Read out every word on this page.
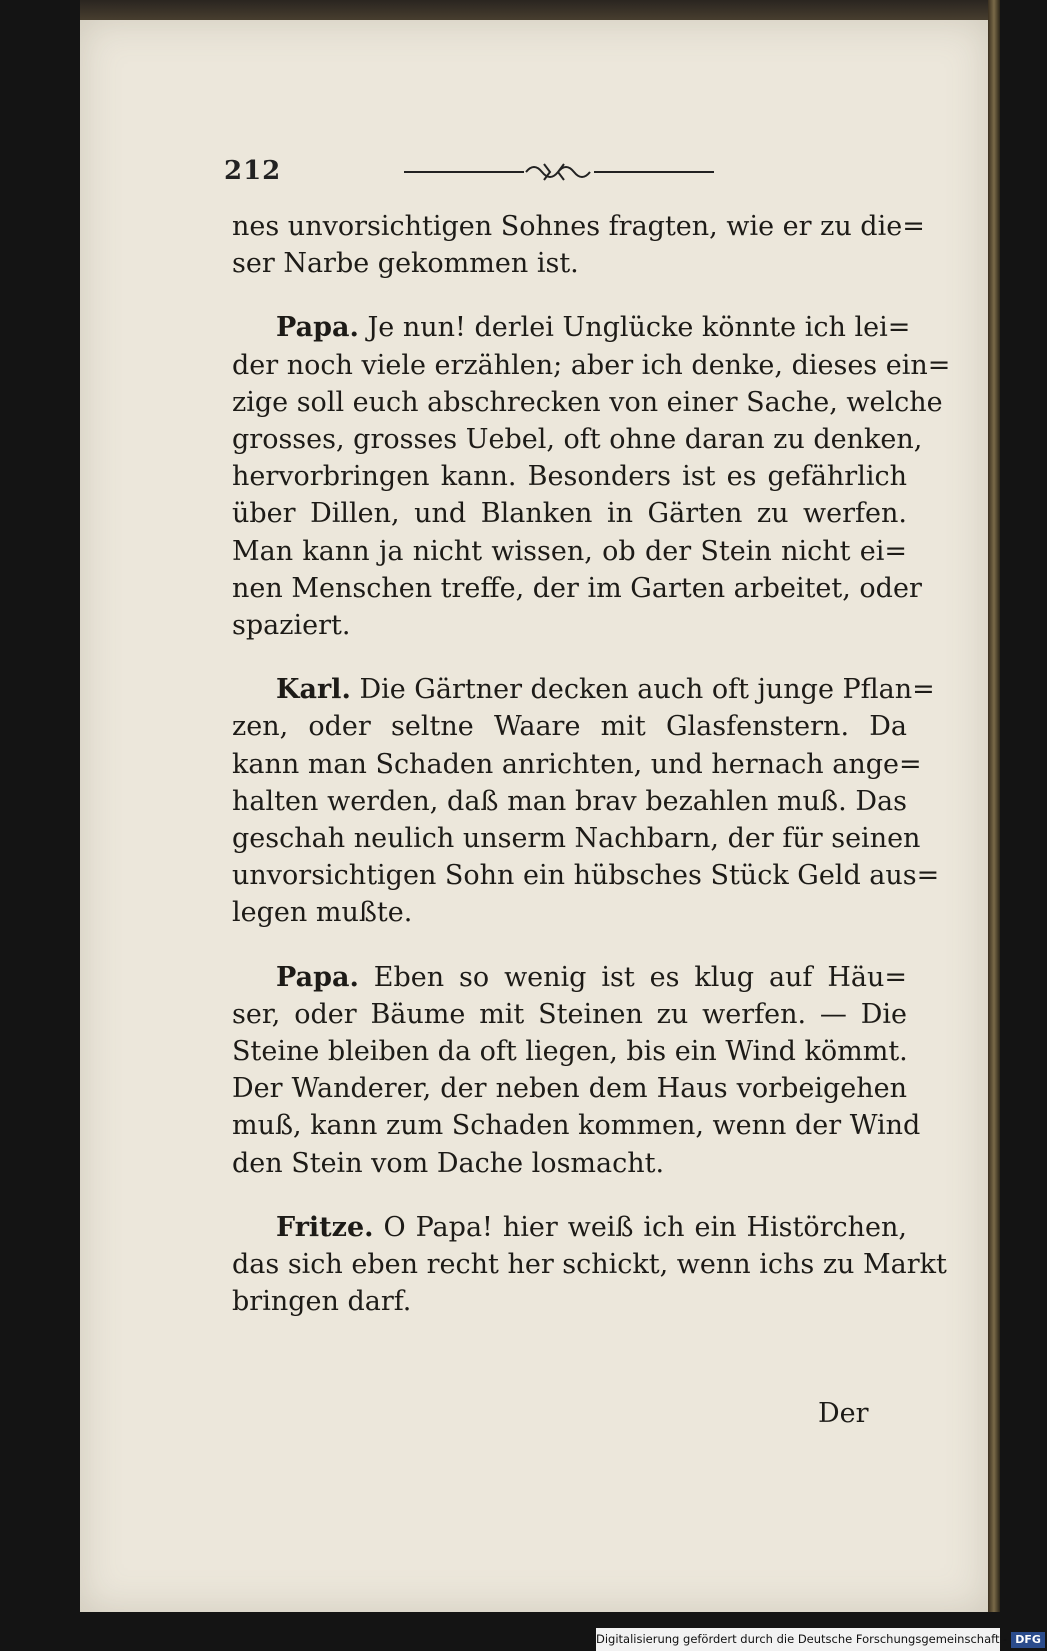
212
nes unvorsichtigen Sohnes fragten, wie er zu die=
ser Narbe gekommen ist.
Papa. Je nun! derlei Unglücke könnte ich lei=
der noch viele erzählen; aber ich denke, dieses ein=
zige soll euch abschrecken von einer Sache, welche
grosses, grosses Uebel, oft ohne daran zu denken,
hervorbringen kann. Besonders ist es gefährlich
über Dillen, und Blanken in Gärten zu werfen.
Man kann ja nicht wissen, ob der Stein nicht ei=
nen Menschen treffe, der im Garten arbeitet, oder
spaziert.
Karl. Die Gärtner decken auch oft junge Pflan=
zen, oder seltne Waare mit Glasfenstern. Da
kann man Schaden anrichten, und hernach ange=
halten werden, daß man brav bezahlen muß. Das
geschah neulich unserm Nachbarn, der für seinen
unvorsichtigen Sohn ein hübsches Stück Geld aus=
legen mußte.
Papa. Eben so wenig ist es klug auf Häu=
ser, oder Bäume mit Steinen zu werfen. — Die
Steine bleiben da oft liegen, bis ein Wind kömmt.
Der Wanderer, der neben dem Haus vorbeigehen
muß, kann zum Schaden kommen, wenn der Wind
den Stein vom Dache losmacht.
Fritze. O Papa! hier weiß ich ein Histörchen,
das sich eben recht her schickt, wenn ichs zu Markt
bringen darf.
Der
Digitalisierung gefördert durch die Deutsche Forschungsgemeinschaft - DFG
